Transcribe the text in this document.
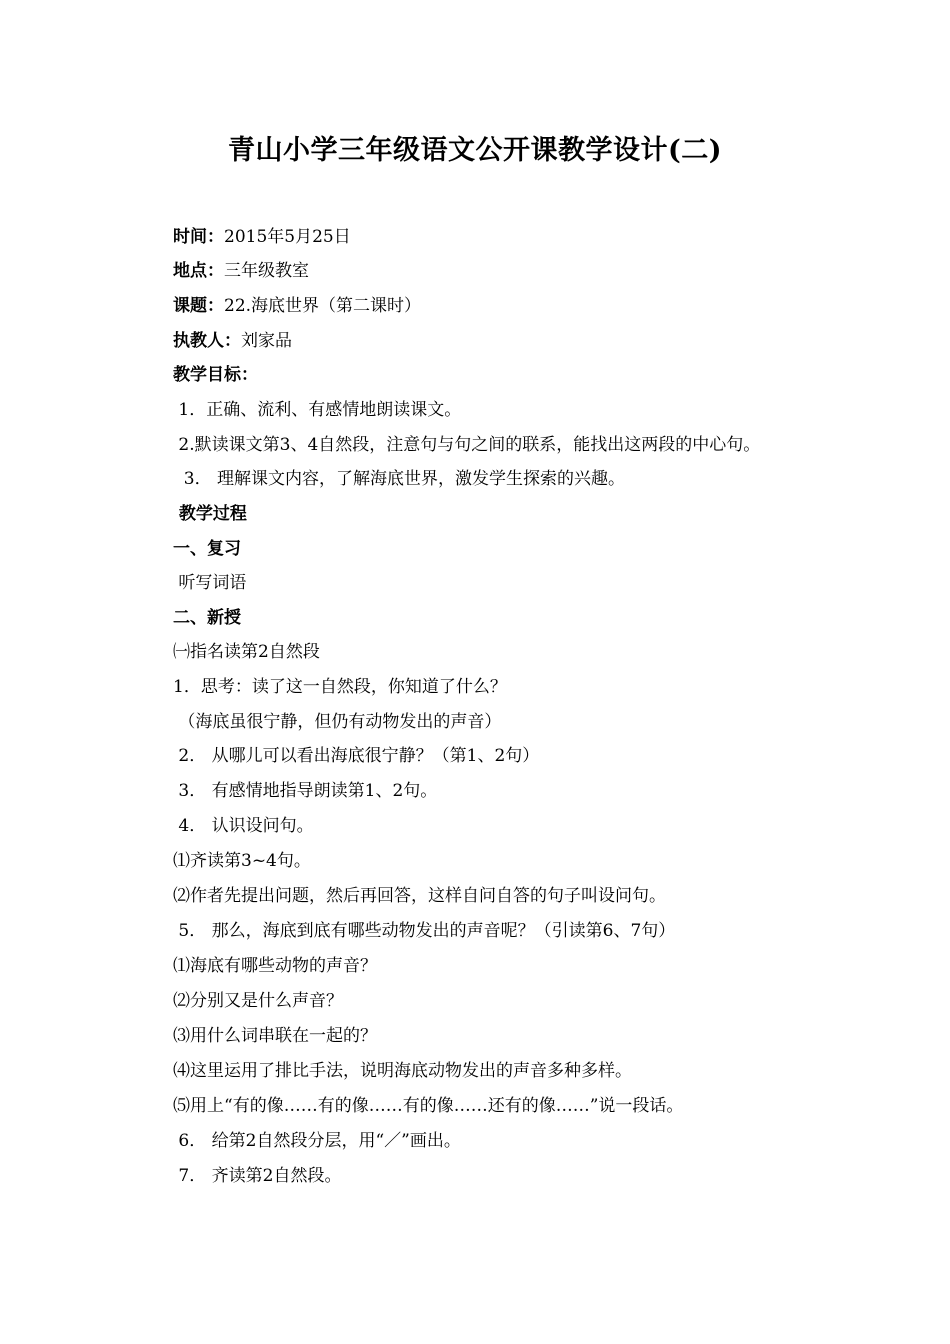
青山小学三年级语文公开课教学设计(二)
时间：2015年5月25日
地点：三年级教室
课题：22.海底世界（第二课时）
执教人：刘家品
教学目标：
1．正确、流利、有感情地朗读课文。
2.默读课文第3、4自然段，注意句与句之间的联系，能找出这两段的中心句。
3． 理解课文内容，了解海底世界，激发学生探索的兴趣。
教学过程
一、复习
听写词语
二、新授
㈠指名读第2自然段
1．思考：读了这一自然段，你知道了什么？
（海底虽很宁静，但仍有动物发出的声音）
2． 从哪儿可以看出海底很宁静？（第1、2句）
3． 有感情地指导朗读第1、2句。
4． 认识设问句。
⑴齐读第3~4句。
⑵作者先提出问题，然后再回答，这样自问自答的句子叫设问句。
5． 那么，海底到底有哪些动物发出的声音呢？（引读第6、7句）
⑴海底有哪些动物的声音？
⑵分别又是什么声音？
⑶用什么词串联在一起的？
⑷这里运用了排比手法，说明海底动物发出的声音多种多样。
⑸用上“有的像……有的像……有的像……还有的像……”说一段话。
6． 给第2自然段分层，用“／”画出。
7． 齐读第2自然段。
